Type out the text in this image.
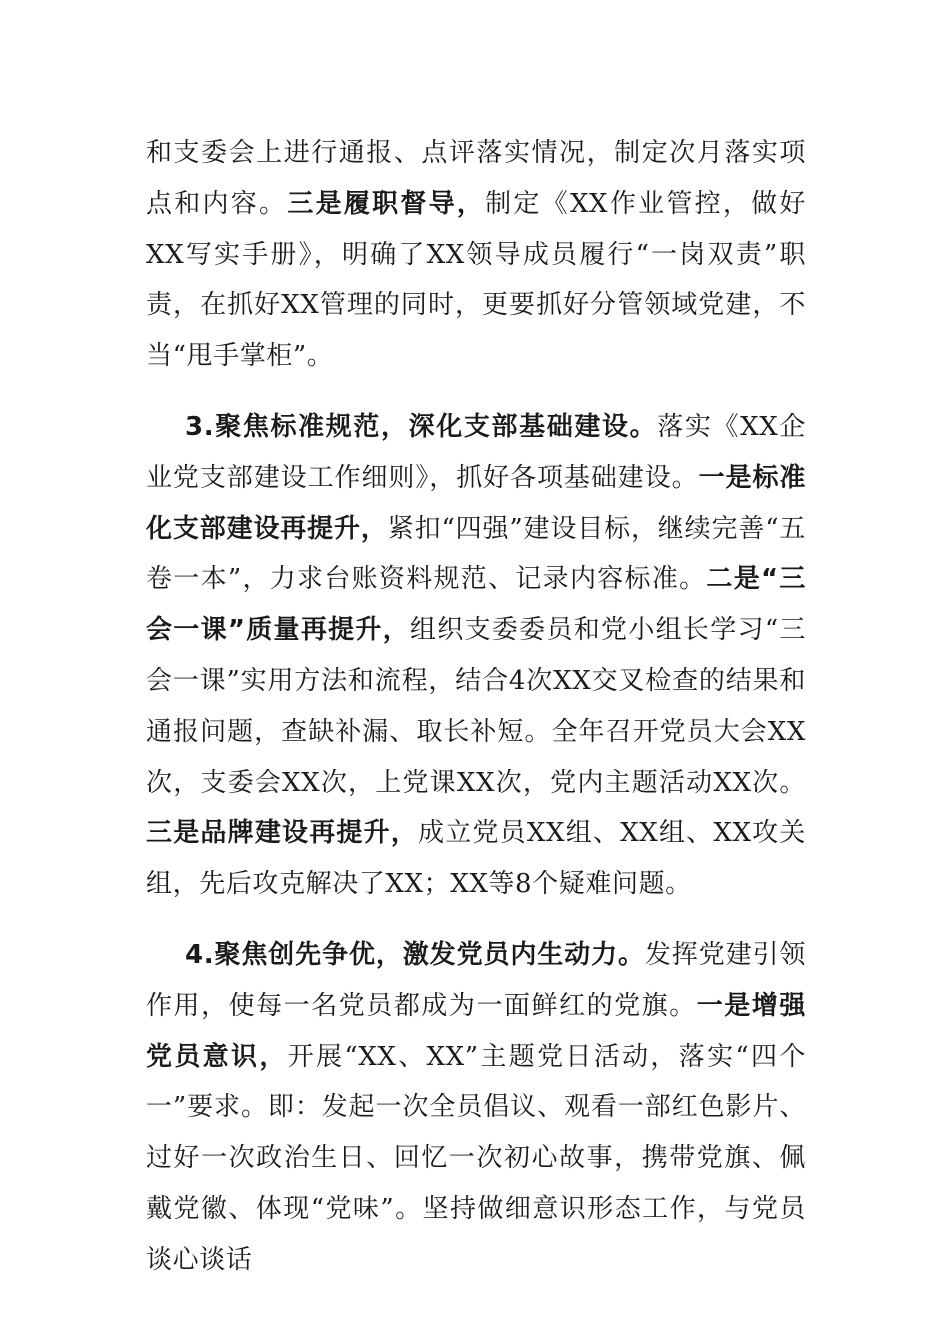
和支委会上进行通报、点评落实情况，制定次月落实项点和内容。三是履职督导，制定《XX作业管控，做好XX写实手册》，明确了XX领导成员履行“一岗双责”职责，在抓好XX管理的同时，更要抓好分管领域党建，不当“甩手掌柜”。

3.聚焦标准规范，深化支部基础建设。落实《XX企业党支部建设工作细则》，抓好各项基础建设。一是标准化支部建设再提升，紧扣“四强”建设目标，继续完善“五卷一本”，力求台账资料规范、记录内容标准。二是“三会一课”质量再提升，组织支委委员和党小组长学习“三会一课”实用方法和流程，结合4次XX交叉检查的结果和通报问题，查缺补漏、取长补短。全年召开党员大会XX次，支委会XX次，上党课XX次，党内主题活动XX次。三是品牌建设再提升，成立党员XX组、XX组、XX攻关组，先后攻克解决了XX；XX等8个疑难问题。

4.聚焦创先争优，激发党员内生动力。发挥党建引领作用，使每一名党员都成为一面鲜红的党旗。一是增强党员意识，开展“XX、XX”主题党日活动，落实“四个一”要求。即：发起一次全员倡议、观看一部红色影片、过好一次政治生日、回忆一次初心故事，携带党旗、佩戴党徽、体现“党味”。坚持做细意识形态工作，与党员谈心谈话
